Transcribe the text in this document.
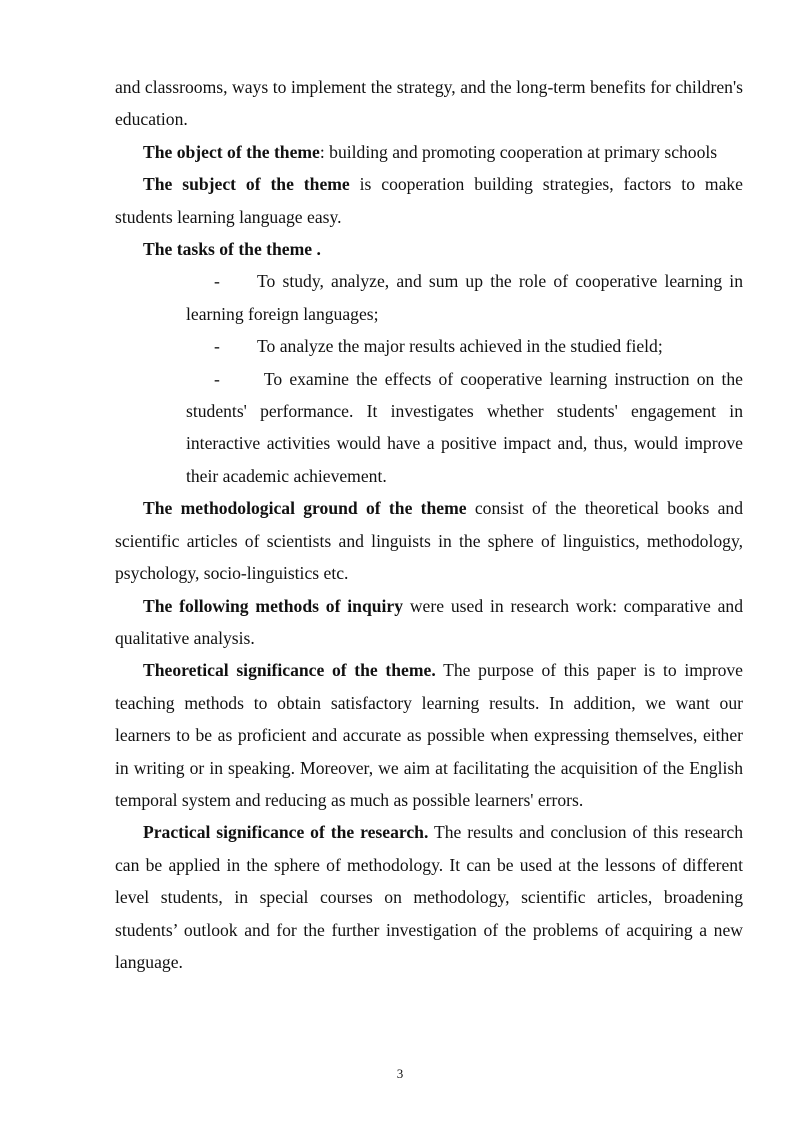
and classrooms, ways to implement the strategy, and the long-term benefits for children's education.

The object of the theme: building and promoting cooperation at primary schools

The subject of the theme is cooperation building strategies, factors to make students learning language easy.

The tasks of the theme .

- To study, analyze, and sum up the role of cooperative learning in learning foreign languages;
- To analyze the major results achieved in the studied field;
- To examine the effects of cooperative learning instruction on the students' performance. It investigates whether students' engagement in interactive activities would have a positive impact and, thus, would improve their academic achievement.

The methodological ground of the theme consist of the theoretical books and scientific articles of scientists and linguists in the sphere of linguistics, methodology, psychology, socio-linguistics etc.

The following methods of inquiry were used in research work: comparative and qualitative analysis.

Theoretical significance of the theme. The purpose of this paper is to improve teaching methods to obtain satisfactory learning results. In addition, we want our learners to be as proficient and accurate as possible when expressing themselves, either in writing or in speaking. Moreover, we aim at facilitating the acquisition of the English temporal system and reducing as much as possible learners' errors.

Practical significance of the research. The results and conclusion of this research can be applied in the sphere of methodology. It can be used at the lessons of different level students, in special courses on methodology, scientific articles, broadening students’ outlook and for the further investigation of the problems of acquiring a new language.

3
